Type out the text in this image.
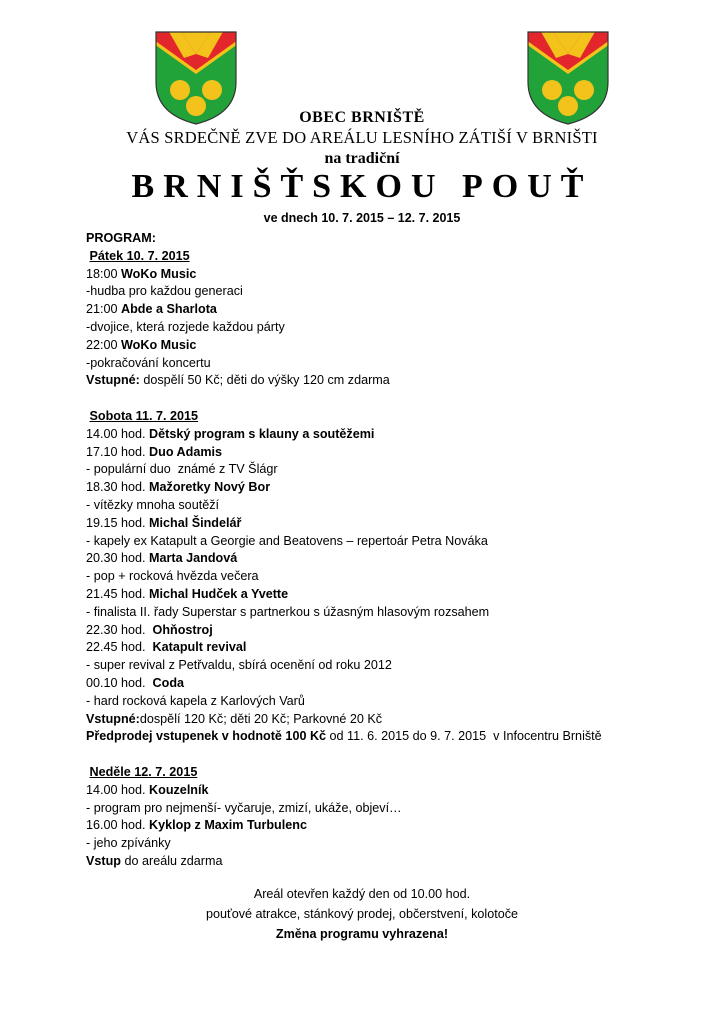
OBEC BRNIŠTĚ
VÁS SRDEČNĚ ZVE DO AREÁLU LESNÍHO ZÁTIŠÍ V BRNIŠTI
na tradiční
BRNIŠŤSKOU POUŤ
ve dnech 10. 7. 2015 – 12. 7. 2015
PROGRAM:
Pátek 10. 7. 2015
18:00 WoKo Music
-hudba pro každou generaci
21:00 Abde a Sharlota
-dvojice, která rozjede každou párty
22:00 WoKo Music
-pokračování koncertu
Vstupné: dospělí 50 Kč; děti do výšky 120 cm zdarma
Sobota 11. 7. 2015
14.00 hod. Dětský program s klauny a soutěžemi
17.10 hod. Duo Adamis
- populární duo  známé z TV Šlágr
18.30 hod. Mažoretky Nový Bor
- vítězky mnoha soutěží
19.15 hod. Michal Šindelář
- kapely ex Katapult a Georgie and Beatovens – repertoár Petra Nováka
20.30 hod. Marta Jandová
- pop + rocková hvězda večera
21.45 hod. Michal Hudček a Yvette
- finalista II. řady Superstar s partnerkou s úžasným hlasovým rozsahem
22.30 hod.  Ohňostroj
22.45 hod.  Katapult revival
- super revival z Petřvaldu, sbírá ocenění od roku 2012
00.10 hod.  Coda
- hard rocková kapela z Karlových Varů
Vstupné:dospělí 120 Kč; děti 20 Kč; Parkovné 20 Kč
Předprodej vstupenek v hodnotě 100 Kč od 11. 6. 2015 do 9. 7. 2015  v Infocentru Brniště
Neděle 12. 7. 2015
14.00 hod. Kouzelník
- program pro nejmenší- vyčaruje, zmizí, ukáže, objeví…
16.00 hod. Kyklop z Maxim Turbulenc
- jeho zpívánky
Vstup do areálu zdarma
Areál otevřen každý den od 10.00 hod.
pouťové atrakce, stánkový prodej, občerstvení, kolotoče
Změna programu vyhrazena!
